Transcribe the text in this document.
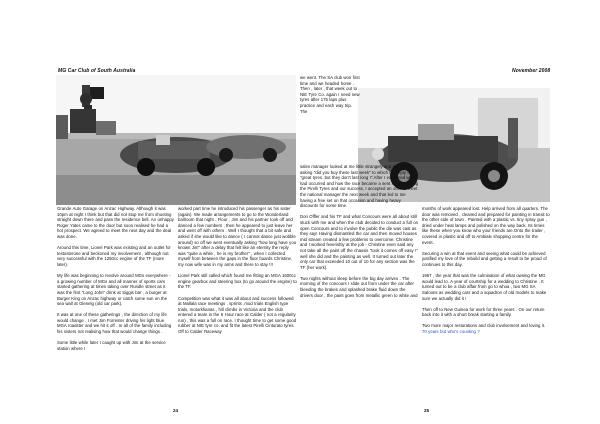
MG Car Club of South Australia	November 2008

Grande Auto Garage on Anzac Highway. Although it was 10pm at night I think but that did not stop me from shooting straight down there and pass the residence bell. An unhappy Roger Yates came to the door but soon realised he had a hot prospect. We agreed to meet the next day and the deal was done.

Around this time, Lionel Park was existing and an outlet for testosterone and beckoned my involvement , although not very successful with the 1250cc engine of the TF (more later).

My life was beginning to revolve around MGs everywhere - a growing number of MGs and all manner of sports cars started gathering at times taking over Rundle street as it was the first "Long John" drink at Siggis bar , a burger at Burger King on Anzac highway or catch some sun on the sea wall at Glenelg (old car park).

It was at one of these gatherings , the direction of my life would change . I met Jim Forrester driving his light blue MGA roadster and we hit it off . In all of the family including his sisters not realising how that would change things .

Some little while later I caught up with Jim at the service station where I

worked part time he introduced his passenger as his sister (again). We made arrangements to go to the Wonderland ballroom that night . Flour , Jim and his partner took off and danced a few numbers , then he appeared to just leave her and went off with others . Well I thought that a bit safe and asked if she would like to dance ( I cannot dance just wobble around) so off we went eventually asking "how long have you known Jim" after a delay that felt like an eternity the reply was "quite a while , he is my brother" , when I collected myself from between the gaps in the floor boards Christine, my now wife was in my arms and there to stay !!!

Lionel Park still called which found me fitting an MGA 1600cc engine gearbox and steering box (to go around the engine) to the TF.

Competition was what it was all about and success followed at Mallala race meetings , sprints ,mud trials English type trials, motorkhanas , hill climbs in Victoria and the club entered a team in the 6 Hour race at Calder ( not a regularity run) , this was a full on race. I thought time to get some good rubber at NIE tyre co. and fit the latest Pirelli Cinturato tyres. Off to Calder Raceway

we went. The SA club won first time and we headed home . Then , later , that week out to NIE Tyre Co. again I need new tyres after 175 laps plus practice and each way trip. The

sales manager looked at me little strangely and enquired asking "did you buy these last week" to which my reply was "great tyres ,but they don't last long !".After I explained what had occurred and how the race became a sent race featuring the Pirelli Tyres and our success, I accepted an offer to meet the national manager the next week and that led to me having a free set on that occasion and having heavy discounts for some time.

Don Offler and his TF and what Concours were all about still stuck with me and when the club decided to conduct a full on open Concours and to involve the public the die was cast as they say! Having dismantled the car and then moved houses mid stream created a few problems to overcome. Christine and I worked feverishly at the job - Christine even said any not take all the paint off the chassis "took it comes off easy !" well she did and the painting as well. It turned out later the only car that exceeded 10 out of 10 for any section was the TF (her work).

Two nights without sleep before the big day arrives . The morning of the concours I slide out from under the car after bleeding the brakes and splashed brake fluid down the drivers door , the paint goes from metallic green to white and

months of work appeared lost. Help arrived from all quarters. The door was removed , cleaned and prepared for painting in transit to the other side of town . Painted with a plastic vs. tiny spray gun , dried under heat lamps and polished on the way back. Its times like these when you know who your friends are.Onto the trailer , covered in plastic and off to Ambiale shopping centre for the event.

Securing a win at that event and seeing what could be achieved justified my love of the rebuild and getting a result to be proud of continues to this day.

1967 , the year that was the culmination of what owning the MG would lead to. A year of courtship for a wedding to Christine . It turned out to be a club affair from go to whoa , two MG SA Saloons as wedding cars and a squadron of old models to make sure we actually did it !

Then off to New Guinea for work for three years . On our return back into it with a short break starting a family.

Two more major restorations and club involvement and loving it.

70 years but who's counting ?

24	25
